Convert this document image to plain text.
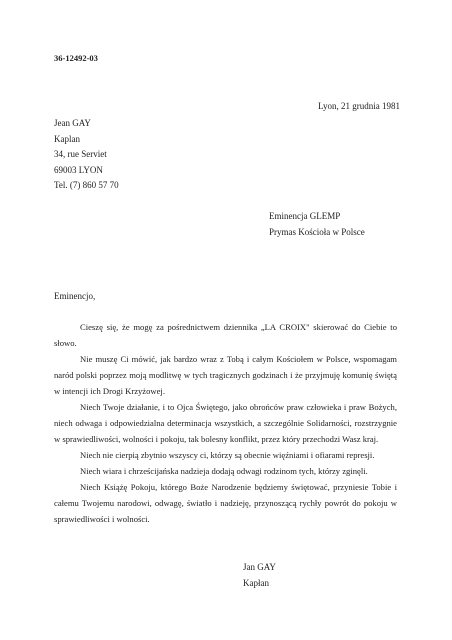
36-12492-03
Lyon, 21 grudnia 1981
Jean GAY
Kaplan
34, rue Serviet
69003 LYON
Tel. (7) 860 57 70
Eminencja GLEMP
Prymas Kościoła w Polsce
Eminencjo,

Cieszę się, że mogę za pośrednictwem dziennika „LA CROIX" skierować do Ciebie to słowo.

Nie muszę Ci mówić, jak bardzo wraz z Tobą i całym Kościołem w Polsce, wspomagam naród polski poprzez moją modlitwę w tych tragicznych godzinach i że przyjmuję komunię świętą w intencji ich Drogi Krzyżowej.

Niech Twoje działanie, i to Ojca Świętego, jako obrońców praw człowieka i praw Bożych, niech odwaga i odpowiedzialna determinacja wszystkich, a szczególnie Solidarności, rozstrzygnie w sprawiedliwości, wolności i pokoju, tak bolesny konflikt, przez który przechodzi Wasz kraj.

Niech nie cierpią zbytnio wszyscy ci, którzy są obecnie więźniami i ofiarami represji.

Niech wiara i chrześcijańska nadzieja dodają odwagi rodzinom tych, którzy zginęli.

Niech Książę Pokoju, którego Boże Narodzenie będziemy świętować, przyniesie Tobie i całemu Twojemu narodowi, odwagę, światło i nadzieję, przynoszącą rychły powrót do pokoju w sprawiedliwości i wolności.

Jan GAY
Kapłan
